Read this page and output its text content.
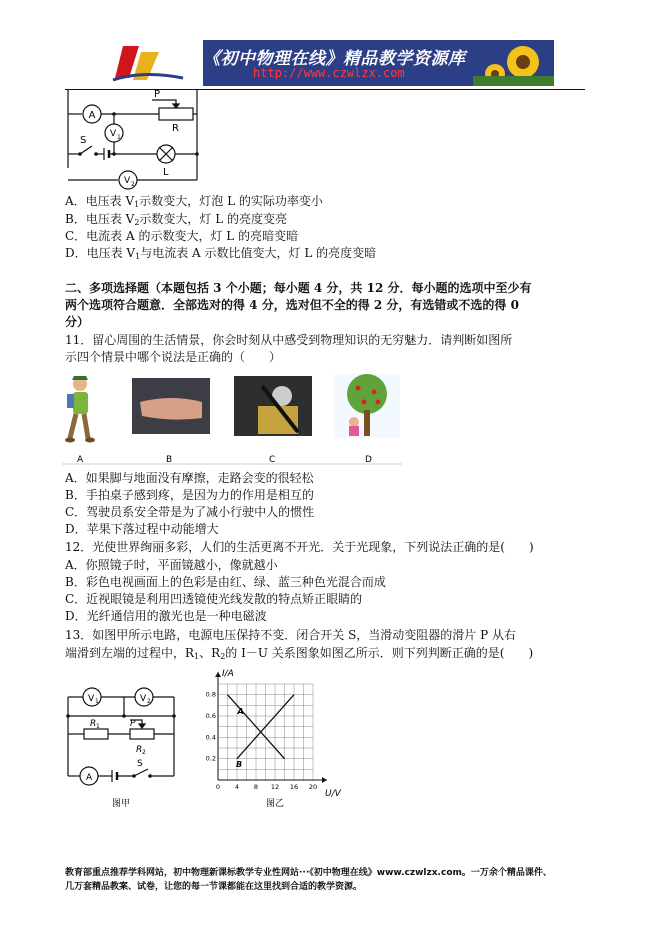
《初中物理在线》精品教学资源库
http://www.czwlzx.com
A
P
R
V 1
S
L
V 2
A．电压表 $V_1$示数变大，灯泡 L 的实际功率变小
B．电压表 $V_2$示数变大，灯 L 的亮度变亮
C．电流表 A 的示数变大，灯 L 的亮暗变暗
D．电压表 $V_1$与电流表 A 示数比值变大，灯 L 的亮度变暗
二、多项选择题（本题包括 3 个小题；每小题 4 分，共 12 分．每小题的选项中至少有
两个选项符合题意．全部选对的得 4 分，选对但不全的得 2 分，有选错或不选的得 0
分）
11．留心周围的生活情景，你会时刻从中感受到物理知识的无穷魅力．请判断如图所
示四个情景中哪个说法是正确的（　　）
A	B	C	D
A．如果脚与地面没有摩擦，走路会变的很轻松
B．手拍桌子感到疼，是因为力的作用是相互的
C．驾驶员系安全带是为了减小行驶中人的惯性
D．苹果下落过程中动能增大
12．光使世界绚丽多彩，人们的生活更离不开光．关于光现象，下列说法正确的是(　　)
A．你照镜子时，平面镜越小，像就越小
B．彩色电视画面上的色彩是由红、绿、蓝三种色光混合而成
C．近视眼镜是利用凹透镜使光线发散的特点矫正眼睛的
D．光纤通信用的激光也是一种电磁波
13．如图甲所示电路，电源电压保持不变．闭合开关 S，当滑动变阻器的滑片 P 从右
端滑到左端的过程中，$R_1$、$R_2$的 I－U 关系图象如图乙所示．则下列判断正确的是(　　)
V 1	V 2
R 1	P
R 2
A
S
图甲
0 4 8 12 16 20
0.2
0.4
0.6
0.8
A
B
U/V
I/A
图乙
教育部重点推荐学科网站，初中物理新课标教学专业性网站···《初中物理在线》www.czwlzx.com。一万余个精品课件、
几万套精品教案、试卷，让您的每一节课都能在这里找到合适的教学资源。
